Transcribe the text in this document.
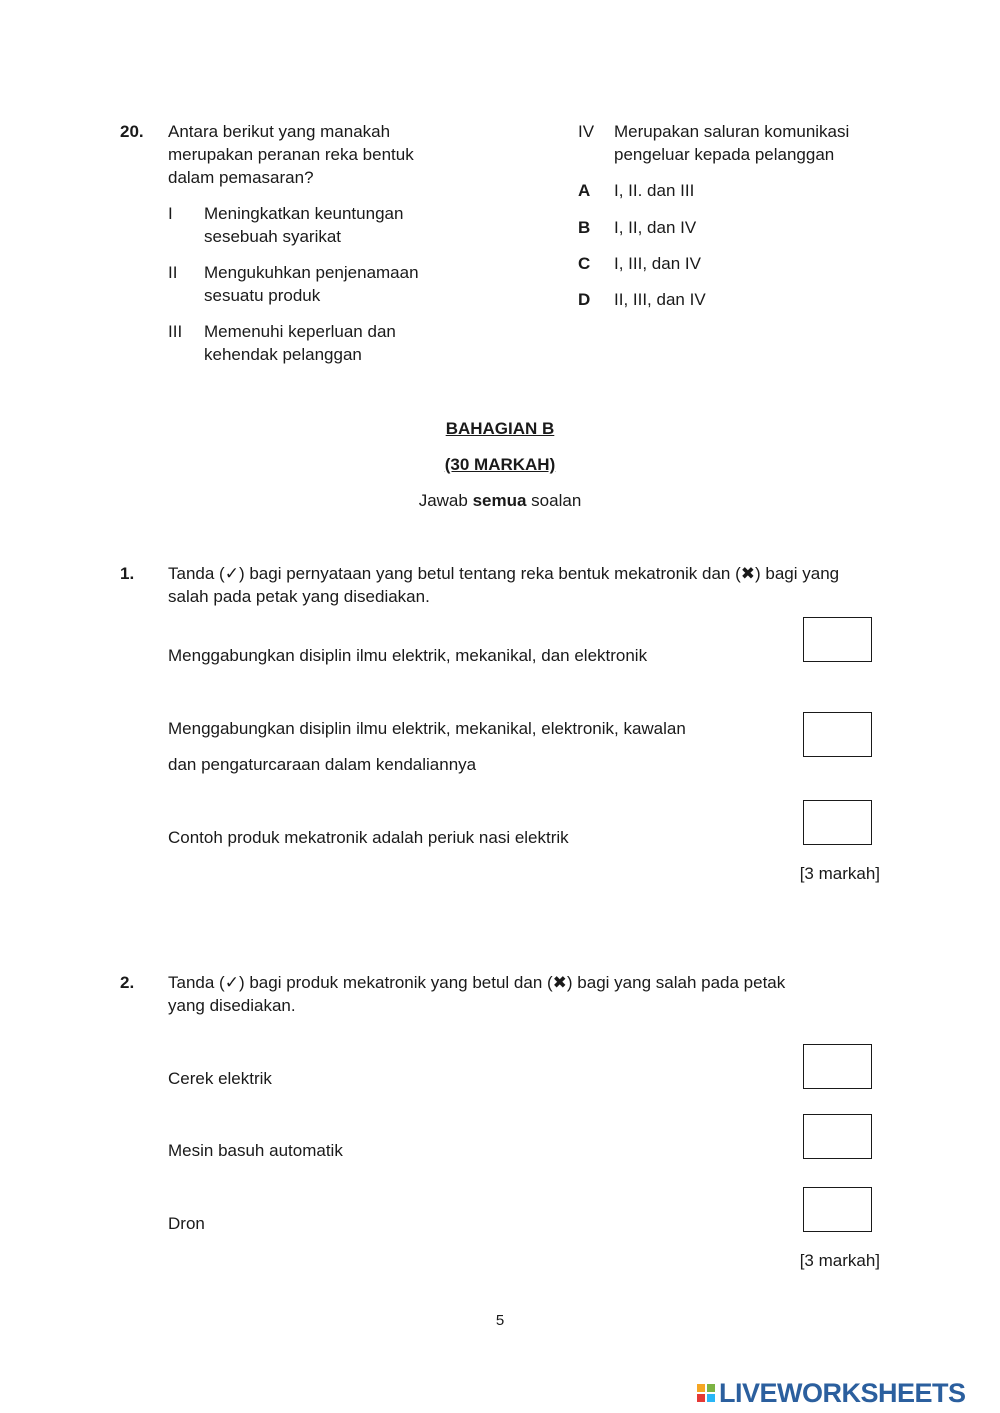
20. Antara berikut yang manakah
merupakan peranan reka bentuk
dalam pemasaran?
I Meningkatkan keuntungan
sesebuah syarikat
II Mengukuhkan penjenamaan
sesuatu produk
III Memenuhi keperluan dan
kehendak pelanggan
IV Merupakan saluran komunikasi
pengeluar kepada pelanggan
A I, II. dan III
B I, II, dan IV
C I, III, dan IV
D II, III, dan IV
BAHAGIAN B
(30 MARKAH)
Jawab semua soalan
1. Tanda (✓) bagi pernyataan yang betul tentang reka bentuk mekatronik dan (✖) bagi yang
salah pada petak yang disediakan.
Menggabungkan disiplin ilmu elektrik, mekanikal, dan elektronik
Menggabungkan disiplin ilmu elektrik, mekanikal, elektronik, kawalan
dan pengaturcaraan dalam kendaliannya
Contoh produk mekatronik adalah periuk nasi elektrik
[3 markah]
2. Tanda (✓) bagi produk mekatronik yang betul dan (✖) bagi yang salah pada petak
yang disediakan.
Cerek elektrik
Mesin basuh automatik
Dron
[3 markah]
5
LIVEWORKSHEETS
